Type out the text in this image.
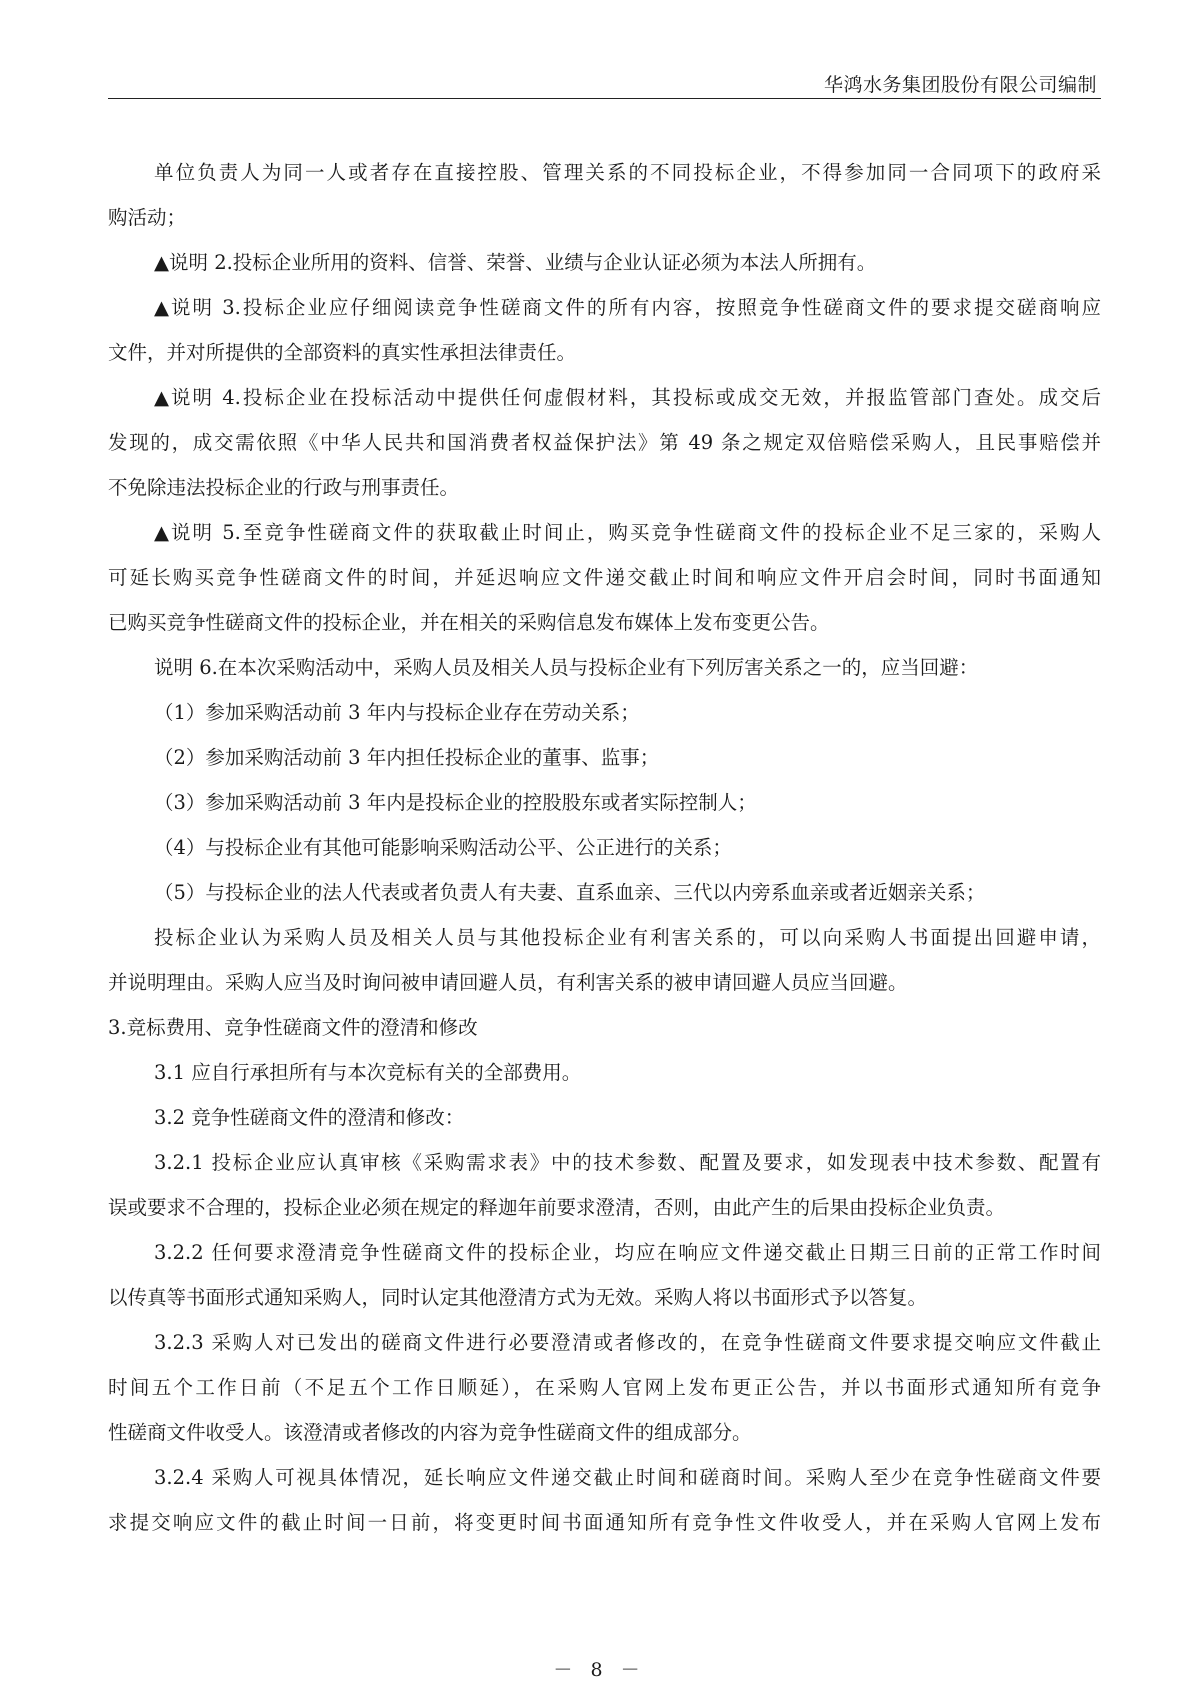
华鸿水务集团股份有限公司编制
单位负责人为同一人或者存在直接控股、管理关系的不同投标企业，不得参加同一合同项下的政府采
购活动；
▲说明 2.投标企业所用的资料、信誉、荣誉、业绩与企业认证必须为本法人所拥有。
▲说明 3.投标企业应仔细阅读竞争性磋商文件的所有内容，按照竞争性磋商文件的要求提交磋商响应
文件，并对所提供的全部资料的真实性承担法律责任。
▲说明 4.投标企业在投标活动中提供任何虚假材料，其投标或成交无效，并报监管部门查处。成交后
发现的，成交需依照《中华人民共和国消费者权益保护法》第 49 条之规定双倍赔偿采购人，且民事赔偿并
不免除违法投标企业的行政与刑事责任。
▲说明 5.至竞争性磋商文件的获取截止时间止，购买竞争性磋商文件的投标企业不足三家的，采购人
可延长购买竞争性磋商文件的时间，并延迟响应文件递交截止时间和响应文件开启会时间，同时书面通知
已购买竞争性磋商文件的投标企业，并在相关的采购信息发布媒体上发布变更公告。
说明 6.在本次采购活动中，采购人员及相关人员与投标企业有下列厉害关系之一的，应当回避：
（1）参加采购活动前 3 年内与投标企业存在劳动关系；
（2）参加采购活动前 3 年内担任投标企业的董事、监事；
（3）参加采购活动前 3 年内是投标企业的控股股东或者实际控制人；
（4）与投标企业有其他可能影响采购活动公平、公正进行的关系；
（5）与投标企业的法人代表或者负责人有夫妻、直系血亲、三代以内旁系血亲或者近姻亲关系；
投标企业认为采购人员及相关人员与其他投标企业有利害关系的，可以向采购人书面提出回避申请，
并说明理由。采购人应当及时询问被申请回避人员，有利害关系的被申请回避人员应当回避。
3.竞标费用、竞争性磋商文件的澄清和修改
3.1 应自行承担所有与本次竞标有关的全部费用。
3.2 竞争性磋商文件的澄清和修改：
3.2.1 投标企业应认真审核《采购需求表》中的技术参数、配置及要求，如发现表中技术参数、配置有
误或要求不合理的，投标企业必须在规定的释迦年前要求澄清，否则，由此产生的后果由投标企业负责。
3.2.2 任何要求澄清竞争性磋商文件的投标企业，均应在响应文件递交截止日期三日前的正常工作时间
以传真等书面形式通知采购人，同时认定其他澄清方式为无效。采购人将以书面形式予以答复。
3.2.3 采购人对已发出的磋商文件进行必要澄清或者修改的，在竞争性磋商文件要求提交响应文件截止
时间五个工作日前（不足五个工作日顺延），在采购人官网上发布更正公告，并以书面形式通知所有竞争
性磋商文件收受人。该澄清或者修改的内容为竞争性磋商文件的组成部分。
3.2.4 采购人可视具体情况，延长响应文件递交截止时间和磋商时间。采购人至少在竞争性磋商文件要
求提交响应文件的截止时间一日前，将变更时间书面通知所有竞争性文件收受人，并在采购人官网上发布
－ 8 －
